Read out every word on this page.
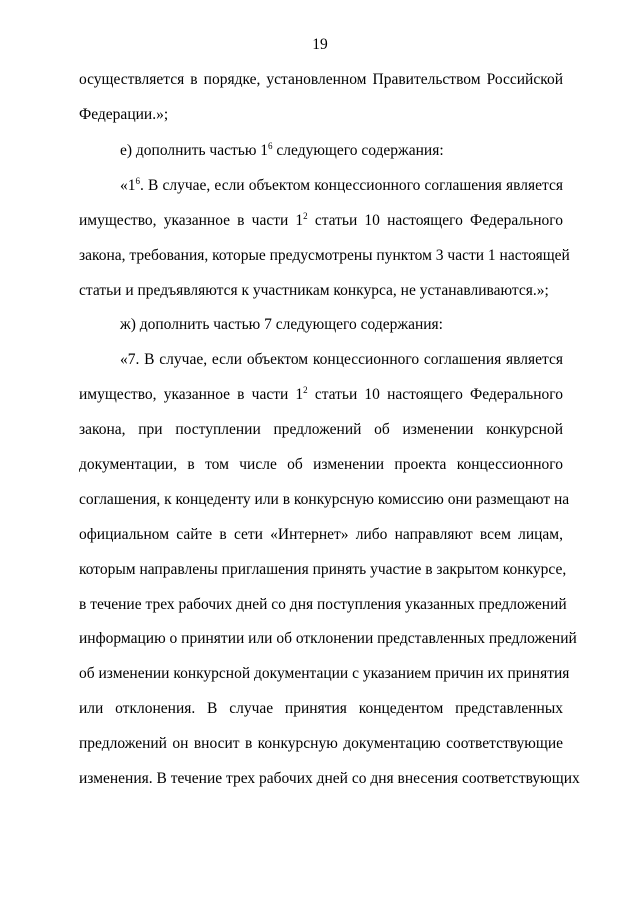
19
осуществляется в порядке, установленном Правительством Российской
Федерации.»;
е) дополнить частью $1^6$ следующего содержания:
«$1^6$. В случае, если объектом концессионного соглашения является
имущество, указанное в части $1^2$ статьи 10 настоящего Федерального
закона, требования, которые предусмотрены пунктом 3 части 1 настоящей
статьи и предъявляются к участникам конкурса, не устанавливаются.»;
ж) дополнить частью 7 следующего содержания:
«7. В случае, если объектом концессионного соглашения является
имущество, указанное в части $1^2$ статьи 10 настоящего Федерального
закона, при поступлении предложений об изменении конкурсной
документации, в том числе об изменении проекта концессионного
соглашения, к концеденту или в конкурсную комиссию они размещают на
официальном сайте в сети «Интернет» либо направляют всем лицам,
которым направлены приглашения принять участие в закрытом конкурсе,
в течение трех рабочих дней со дня поступления указанных предложений
информацию о принятии или об отклонении представленных предложений
об изменении конкурсной документации с указанием причин их принятия
или отклонения. В случае принятия концедентом представленных
предложений он вносит в конкурсную документацию соответствующие
изменения. В течение трех рабочих дней со дня внесения соответствующих
